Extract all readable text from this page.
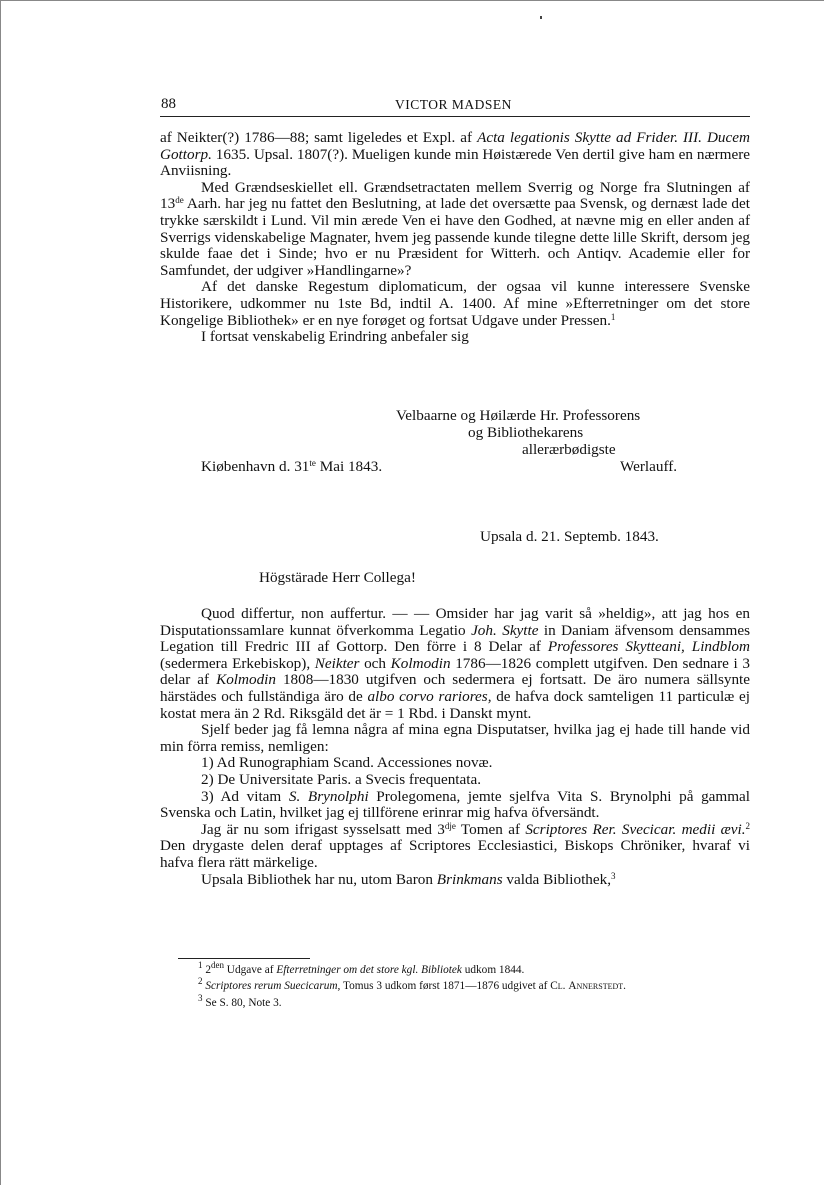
88	VICTOR MADSEN

af Neikter(?) 1786—88; samt ligeledes et Expl. af Acta legationis Skytte ad Frider. III. Ducem Gottorp. 1635. Upsal. 1807(?). Mueligen kunde min Høistærede Ven dertil give ham en nærmere Anviisning.

Med Grændseskiellet ell. Grændsetractaten mellem Sverrig og Norge fra Slutningen af 13de Aarh. har jeg nu fattet den Beslutning, at lade det oversætte paa Svensk, og dernæst lade det trykke særskildt i Lund. Vil min ærede Ven ei have den Godhed, at nævne mig en eller anden af Sverrigs videnskabelige Magnater, hvem jeg passende kunde tilegne dette lille Skrift, dersom jeg skulde faae det i Sinde; hvo er nu Præsident for Witterh. och Antiqv. Academie eller for Samfundet, der udgiver »Handlingarne»?

Af det danske Regestum diplomaticum, der ogsaa vil kunne interessere Svenske Historikere, udkommer nu 1ste Bd, indtil A. 1400. Af mine »Efterretninger om det store Kongelige Bibliothek» er en nye forøget og fortsat Udgave under Pressen.$^1$

I fortsat venskabelig Erindring anbefaler sig

Velbaarne og Høilærde Hr. Professorens
og Bibliothekarens
allerærbødigste
Kiøbenhavn d. $31^{te}$ Mai 1843.	Werlauff.
Upsala d. 21. Septemb. 1843.
Högstärade Herr Collega!

Quod differtur, non auffertur. — — Omsider har jag varit så »heldig», att jag hos en Disputationssamlare kunnat öfverkomma Legatio Joh. Skytte in Daniam äfvensom densammes Legation till Fredric III af Gottorp. Den förre i 8 Delar af Professores Skytteani, Lindblom (sedermera Erkebiskop), Neikter och Kolmodin 1786—1826 complett utgifven. Den sednare i 3 delar af Kolmodin 1808—1830 utgifven och sedermera ej fortsatt. De äro numera sällsynte härstädes och fullständiga äro de albo corvo rariores, de hafva dock samteligen 11 particulæ ej kostat mera än 2 Rd. Riksgäld det är = 1 Rbd. i Danskt mynt.

Sjelf beder jag få lemna några af mina egna Disputatser, hvilka jag ej hade till hande vid min förra remiss, nemligen:

1) Ad Runographiam Scand. Accessiones novæ.

2) De Universitate Paris. a Svecis frequentata.

3) Ad vitam S. Brynolphi Prolegomena, jemte sjelfva Vita S. Brynolphi på gammal Svenska och Latin, hvilket jag ej tillförene erinrar mig hafva öfversändt.

Jag är nu som ifrigast sysselsatt med $3^{dje}$ Tomen af Scriptores Rer. Svecicar. medii ævi.$^2$ Den drygaste delen deraf upptages af Scriptores Ecclesiastici, Biskops Chröniker, hvaraf vi hafva flera rätt märkelige.

Upsala Bibliothek har nu, utom Baron Brinkmans valda Bibliothek,$^3$

$^1$ $2^{den}$ Udgave af Efterretninger om det store kgl. Bibliotek udkom 1844.

$^2$ Scriptores rerum Suecicarum, Tomus 3 udkom først 1871—1876 udgivet af Cl. Annerstedt.

$^3$ Se S. 80, Note 3.
